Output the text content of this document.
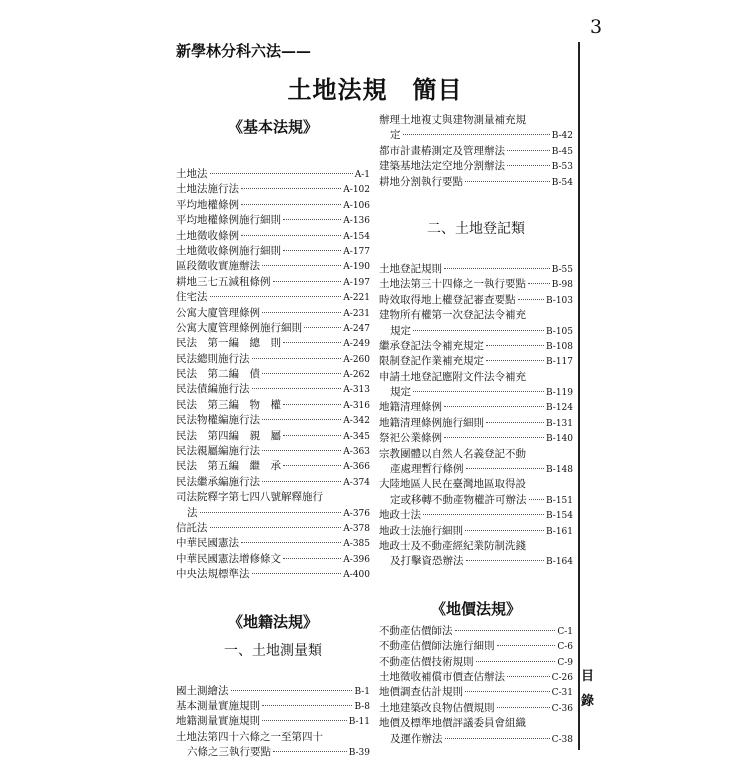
3
新學林分科六法——
土地法規　簡目
目
錄
《基本法規》
土地法	A-1
土地法施行法	A-102
平均地權條例	A-106
平均地權條例施行細則	A-136
土地徵收條例	A-154
土地徵收條例施行細則	A-177
區段徵收實施辦法	A-190
耕地三七五減租條例	A-197
住宅法	A-221
公寓大廈管理條例	A-231
公寓大廈管理條例施行細則	A-247
民法　第一編　總　則	A-249
民法總則施行法	A-260
民法　第二編　債	A-262
民法債編施行法	A-313
民法　第三編　物　權	A-316
民法物權編施行法	A-342
民法　第四編　親　屬	A-345
民法親屬編施行法	A-363
民法　第五編　繼　承	A-366
民法繼承編施行法	A-374
司法院釋字第七四八號解釋施行
法	A-376
信託法	A-378
中華民國憲法	A-385
中華民國憲法增修條文	A-396
中央法規標準法	A-400
《地籍法規》
一、土地測量類
國土測繪法	B-1
基本測量實施規則	B-8
地籍測量實施規則	B-11
土地法第四十六條之一至第四十
六條之三執行要點	B-39
辦理土地複丈與建物測量補充規
定	B-42
都市計畫樁測定及管理辦法	B-45
建築基地法定空地分割辦法	B-53
耕地分割執行要點	B-54
二、土地登記類
土地登記規則	B-55
土地法第三十四條之一執行要點	B-98
時效取得地上權登記審查要點	B-103
建物所有權第一次登記法令補充
規定	B-105
繼承登記法令補充規定	B-108
限制登記作業補充規定	B-117
申請土地登記應附文件法令補充
規定	B-119
地籍清理條例	B-124
地籍清理條例施行細則	B-131
祭祀公業條例	B-140
宗教團體以自然人名義登記不動
產處理暫行條例	B-148
大陸地區人民在臺灣地區取得設
定或移轉不動產物權許可辦法 B-151
地政士法	B-154
地政士法施行細則	B-161
地政士及不動產經紀業防制洗錢
及打擊資恐辦法	B-164
《地價法規》
不動產估價師法	C-1
不動產估價師法施行細則	C-6
不動產估價技術規則	C-9
土地徵收補償市價查估辦法	C-26
地價調查估計規則	C-31
土地建築改良物估價規則	C-36
地價及標準地價評議委員會組織
及運作辦法	C-38
